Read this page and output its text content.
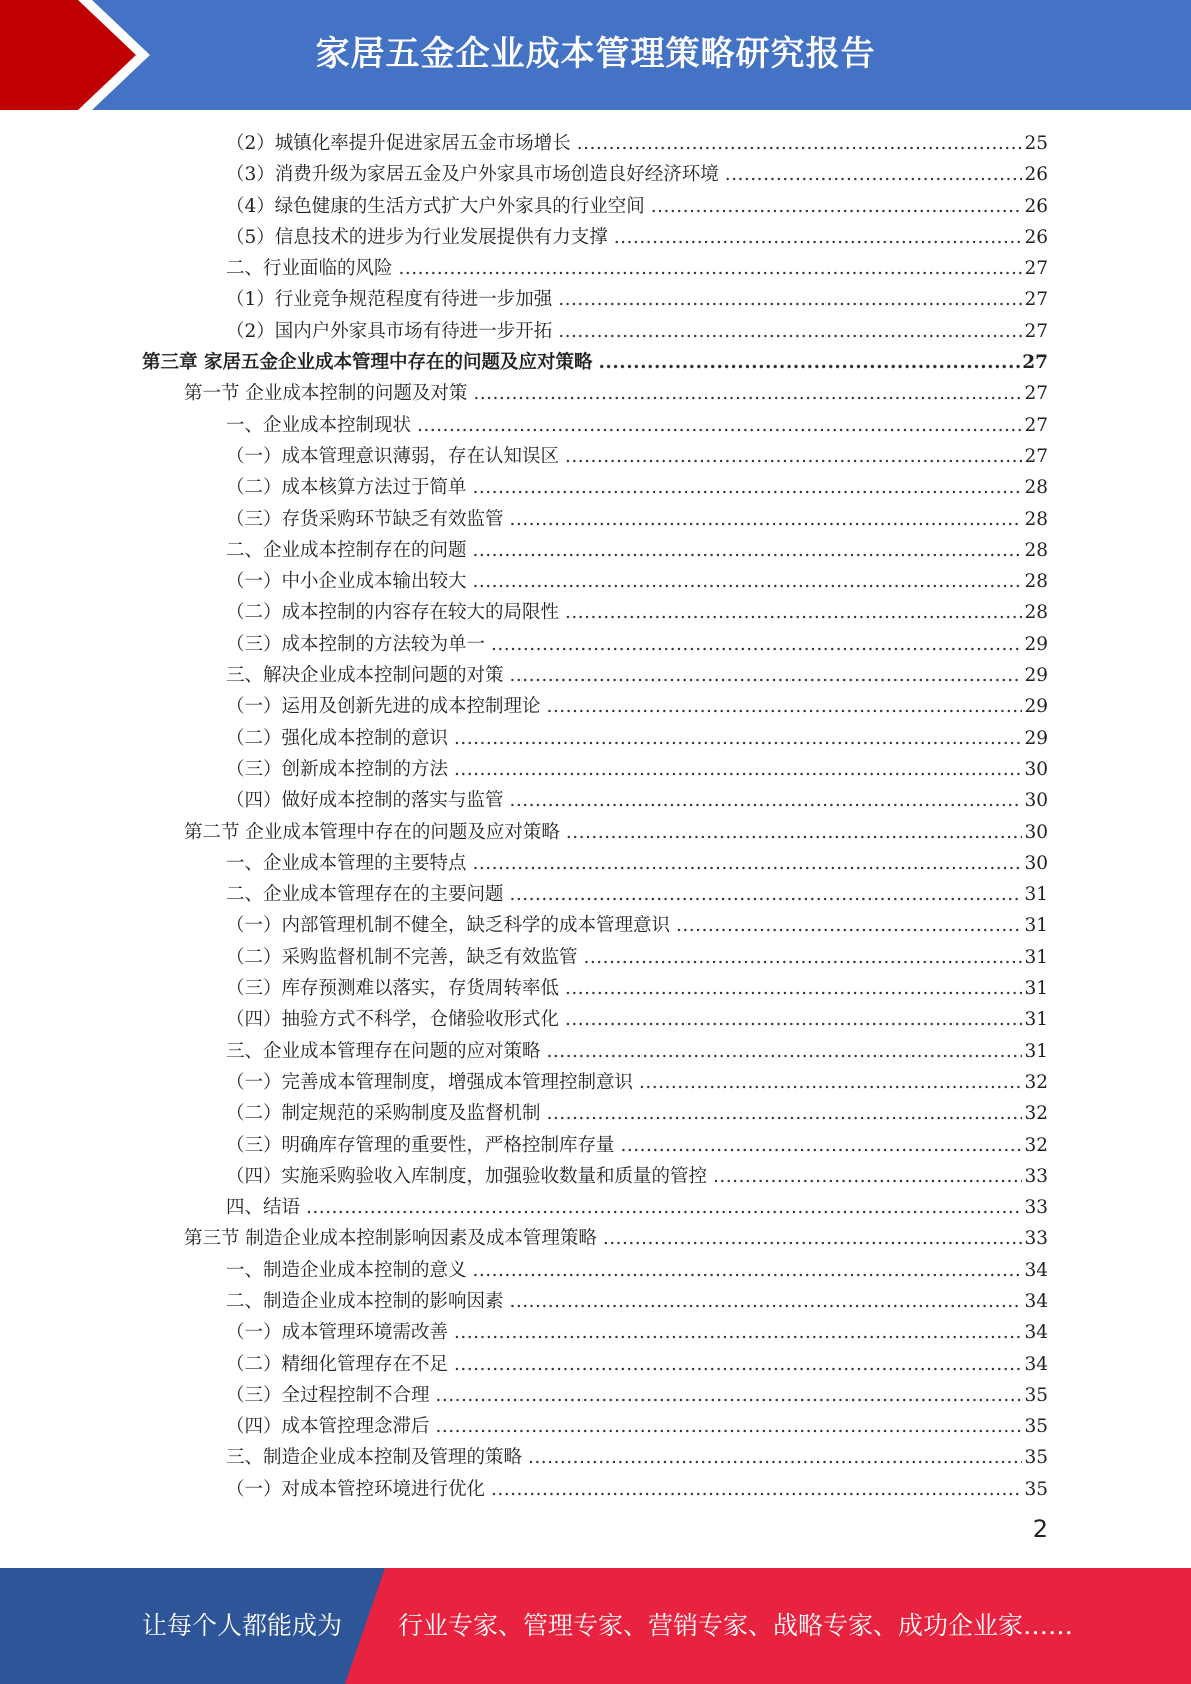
家居五金企业成本管理策略研究报告
（2）城镇化率提升促进家居五金市场增长 .....	25
（3）消费升级为家居五金及户外家具市场创造良好经济环境 .....	26
（4）绿色健康的生活方式扩大户外家具的行业空间 .....	26
（5）信息技术的进步为行业发展提供有力支撑 .....	26
二、行业面临的风险 .....	27
（1）行业竞争规范程度有待进一步加强 .....	27
（2）国内户外家具市场有待进一步开拓 .....	27
第三章 家居五金企业成本管理中存在的问题及应对策略 .....	27
第一节 企业成本控制的问题及对策 .....	27
一、企业成本控制现状 .....	27
（一）成本管理意识薄弱，存在认知误区 .....	27
（二）成本核算方法过于简单 .....	28
（三）存货采购环节缺乏有效监管 .....	28
二、企业成本控制存在的问题 .....	28
（一）中小企业成本输出较大 .....	28
（二）成本控制的内容存在较大的局限性 .....	28
（三）成本控制的方法较为单一 .....	29
三、解决企业成本控制问题的对策 .....	29
（一）运用及创新先进的成本控制理论 .....	29
（二）强化成本控制的意识 .....	29
（三）创新成本控制的方法 .....	30
（四）做好成本控制的落实与监管 .....	30
第二节 企业成本管理中存在的问题及应对策略 .....	30
一、企业成本管理的主要特点 .....	30
二、企业成本管理存在的主要问题 .....	31
（一）内部管理机制不健全，缺乏科学的成本管理意识 .....	31
（二）采购监督机制不完善，缺乏有效监管 .....	31
（三）库存预测难以落实，存货周转率低 .....	31
（四）抽验方式不科学，仓储验收形式化 .....	31
三、企业成本管理存在问题的应对策略 .....	31
（一）完善成本管理制度，增强成本管理控制意识 .....	32
（二）制定规范的采购制度及监督机制 .....	32
（三）明确库存管理的重要性，严格控制库存量 .....	32
（四）实施采购验收入库制度，加强验收数量和质量的管控 .....	33
四、结语 .....	33
第三节 制造企业成本控制影响因素及成本管理策略 .....	33
一、制造企业成本控制的意义 .....	34
二、制造企业成本控制的影响因素 .....	34
（一）成本管理环境需改善 .....	34
（二）精细化管理存在不足 .....	34
（三）全过程控制不合理 .....	35
（四）成本管控理念滞后 .....	35
三、制造企业成本控制及管理的策略 .....	35
（一）对成本管控环境进行优化 .....	35
2
让每个人都能成为 行业专家、管理专家、营销专家、战略专家、成功企业家……
